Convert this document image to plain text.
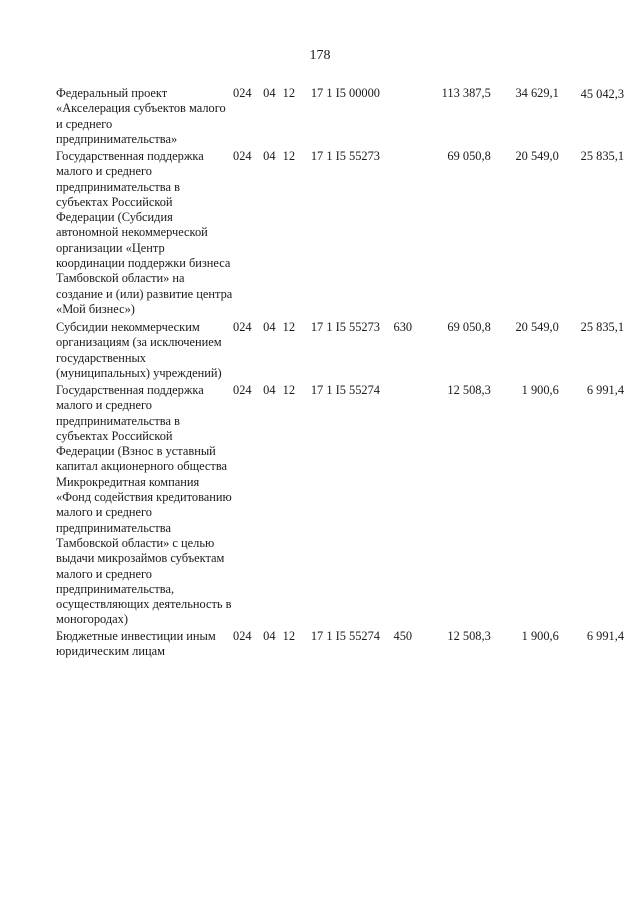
178
Федеральный проект «Акселерация субъектов малого и среднего предпринимательства»
024 04 12	17 1 I5 00000	113 387,5	34 629,1	45 042,3
Государственная поддержка малого и среднего предпринимательства в субъектах Российской Федерации (Субсидия автономной некоммерческой организации «Центр координации поддержки бизнеса Тамбовской области» на создание и (или) развитие центра «Мой бизнес»)
024 04 12	17 1 I5 55273	69 050,8	20 549,0	25 835,1
Субсидии некоммерческим организациям (за исключением государственных (муниципальных) учреждений)
024 04 12	17 1 I5 55273	630	69 050,8	20 549,0	25 835,1
Государственная поддержка малого и среднего предпринимательства в субъектах Российской Федерации (Взнос в уставный капитал акционерного общества Микрокредитная компания «Фонд содействия кредитованию малого и среднего предпринимательства Тамбовской области» с целью выдачи микрозаймов субъектам малого и среднего предпринимательства, осуществляющих деятельность в моногородах)
024 04 12	17 1 I5 55274	12 508,3	1 900,6	6 991,4
Бюджетные инвестиции иным юридическим лицам
024 04 12	17 1 I5 55274	450	12 508,3	1 900,6	6 991,4
